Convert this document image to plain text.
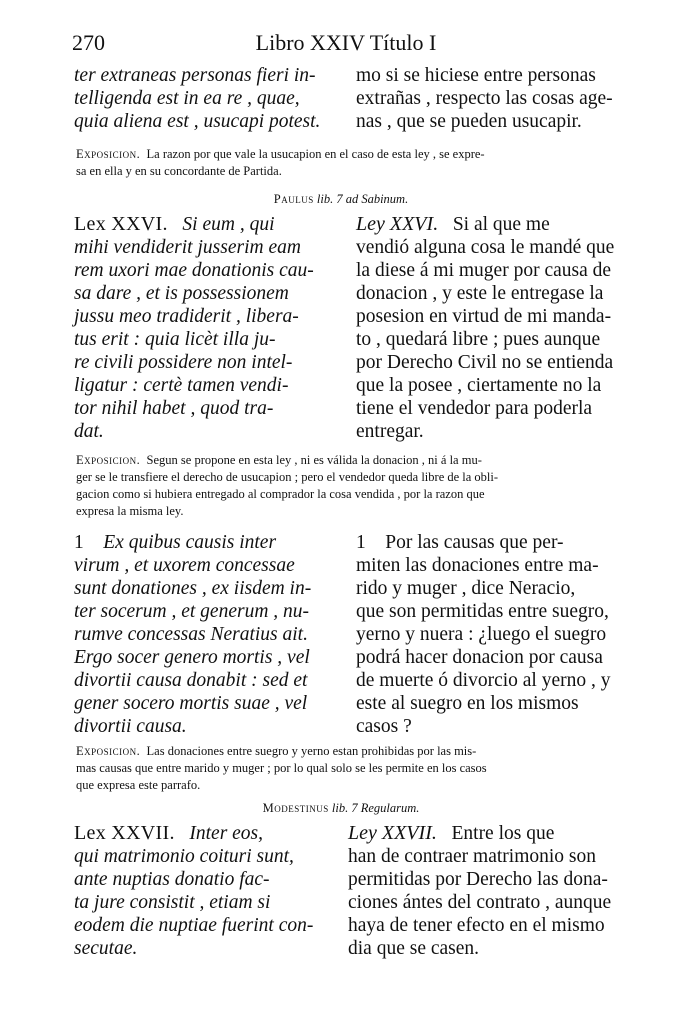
270	Libro XXIV Título I
ter extraneas personas fieri in-
telligenda est in ea re , quae,
quia aliena est , usucapi potest.
mo si se hiciese entre personas
extrañas , respecto las cosas age-
nas , que se pueden usucapir.
Exposicion. La razon por que vale la usucapion en el caso de esta ley , se expre-
sa en ella y en su concordante de Partida.
Paulus lib. 7 ad Sabinum.
Lex XXVI. Si eum , qui
mihi vendiderit jusserim eam
rem uxori mae donationis cau-
sa dare , et is possessionem
jussu meo tradiderit , libera-
tus erit : quia licèt illa ju-
re civili possidere non intel-
ligatur : certè tamen vendi-
tor nihil habet , quod tra-
dat.
Ley XXVI. Si al que me
vendió alguna cosa le mandé que
la diese á mi muger por causa de
donacion , y este le entregase la
posesion en virtud de mi manda-
to , quedará libre ; pues aunque
por Derecho Civil no se entienda
que la posee , ciertamente no la
tiene el vendedor para poderla
entregar.
Exposicion. Segun se propone en esta ley , ni es válida la donacion , ni á la mu-
ger se le transfiere el derecho de usucapion ; pero el vendedor queda libre de la obli-
gacion como si hubiera entregado al comprador la cosa vendida , por la razon que
expresa la misma ley.
1 Ex quibus causis inter
virum , et uxorem concessae
sunt donationes , ex iisdem in-
ter socerum , et generum , nu-
rumve concessas Neratius ait.
Ergo socer genero mortis , vel
divortii causa donabit : sed et
gener socero mortis suae , vel
divortii causa.
1 Por las causas que per-
miten las donaciones entre ma-
rido y muger , dice Neracio,
que son permitidas entre suegro,
yerno y nuera : ¿luego el suegro
podrá hacer donacion por causa
de muerte ó divorcio al yerno , y
este al suegro en los mismos
casos ?
Exposicion. Las donaciones entre suegro y yerno estan prohibidas por las mis-
mas causas que entre marido y muger ; por lo qual solo se les permite en los casos
que expresa este parrafo.
Modestinus lib. 7 Regularum.
Lex XXVII. Inter eos,
qui matrimonio coituri sunt,
ante nuptias donatio fac-
ta jure consistit , etiam si
eodem die nuptiae fuerint con-
secutae.
Ley XXVII. Entre los que
han de contraer matrimonio son
permitidas por Derecho las dona-
ciones ántes del contrato , aunque
haya de tener efecto en el mismo
dia que se casen.
